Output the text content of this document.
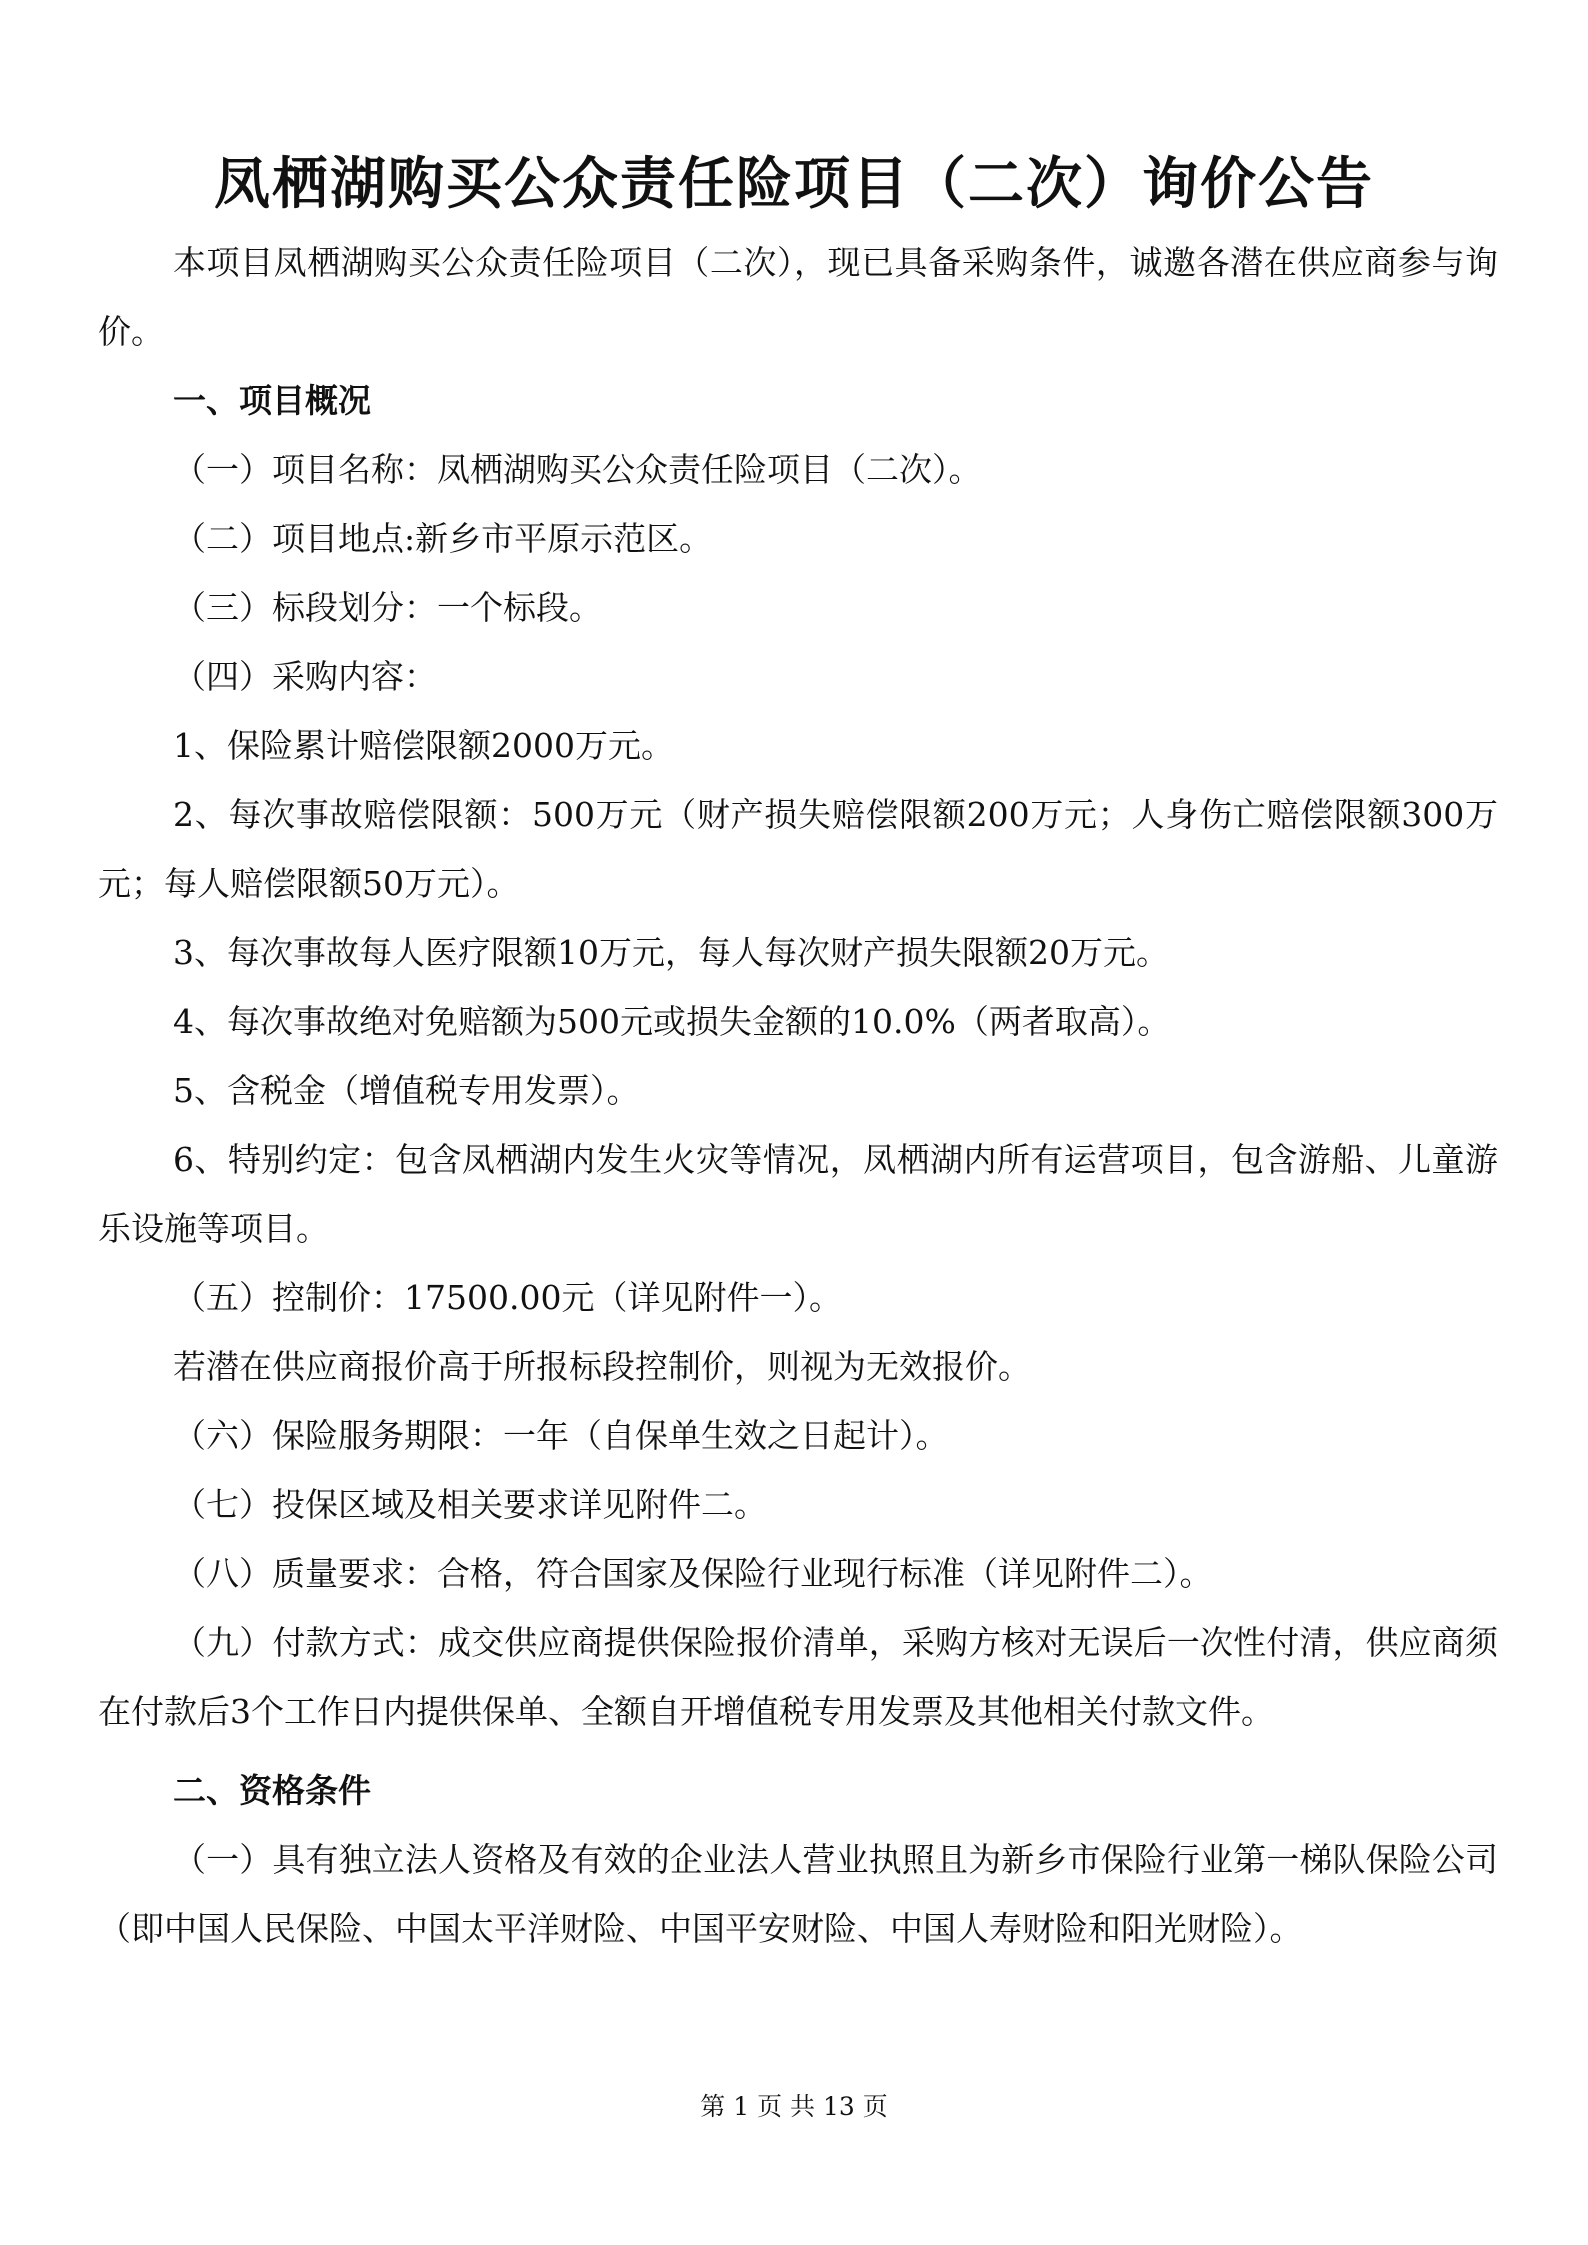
凤栖湖购买公众责任险项目（二次）询价公告

本项目凤栖湖购买公众责任险项目（二次），现已具备采购条件，诚邀各潜在供应商参与询价。

一、项目概况

（一）项目名称：凤栖湖购买公众责任险项目（二次）。

（二）项目地点:新乡市平原示范区。

（三）标段划分：一个标段。

（四）采购内容：

1、保险累计赔偿限额2000万元。

2、每次事故赔偿限额：500万元（财产损失赔偿限额200万元；人身伤亡赔偿限额300万元；每人赔偿限额50万元）。

3、每次事故每人医疗限额10万元，每人每次财产损失限额20万元。

4、每次事故绝对免赔额为500元或损失金额的10.0%（两者取高）。

5、含税金（增值税专用发票）。

6、特别约定：包含凤栖湖内发生火灾等情况，凤栖湖内所有运营项目，包含游船、儿童游乐设施等项目。

（五）控制价：17500.00元（详见附件一）。

若潜在供应商报价高于所报标段控制价，则视为无效报价。

（六）保险服务期限：一年（自保单生效之日起计）。

（七）投保区域及相关要求详见附件二。

（八）质量要求：合格，符合国家及保险行业现行标准（详见附件二）。

（九）付款方式：成交供应商提供保险报价清单，采购方核对无误后一次性付清，供应商须在付款后3个工作日内提供保单、全额自开增值税专用发票及其他相关付款文件。

二、资格条件

（一）具有独立法人资格及有效的企业法人营业执照且为新乡市保险行业第一梯队保险公司（即中国人民保险、中国太平洋财险、中国平安财险、中国人寿财险和阳光财险）。

第 1 页 共 13 页
